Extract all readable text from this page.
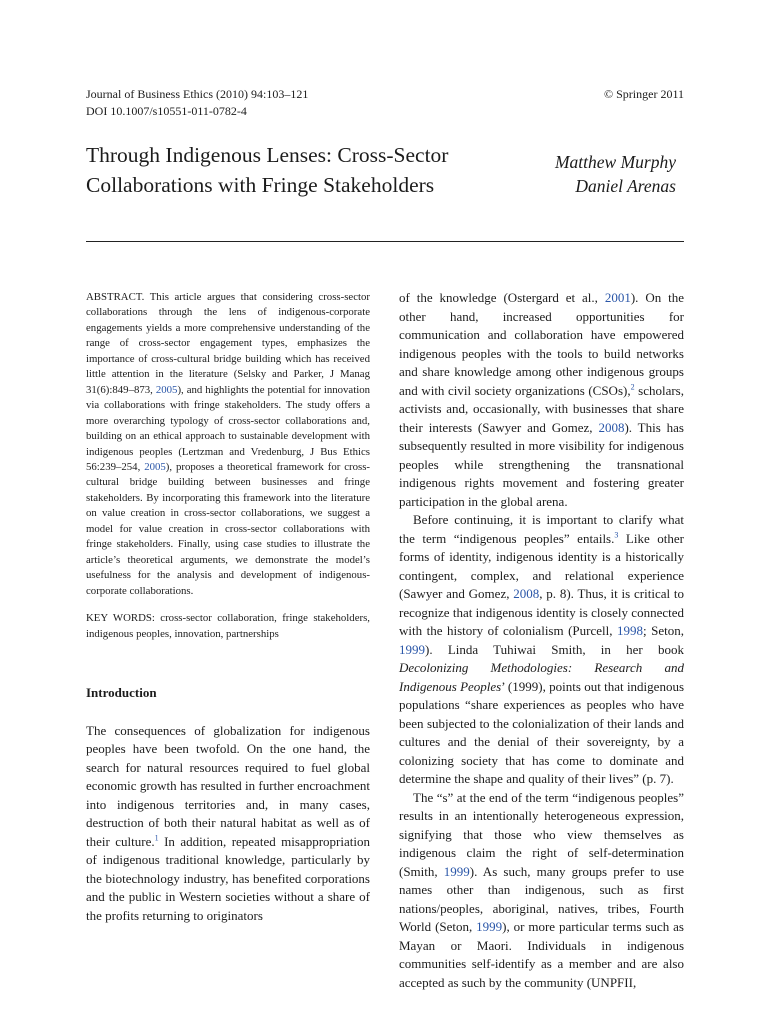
Journal of Business Ethics (2010) 94:103–121
DOI 10.1007/s10551-011-0782-4
© Springer 2011
Through Indigenous Lenses: Cross-Sector
Collaborations with Fringe Stakeholders
Matthew Murphy
Daniel Arenas

ABSTRACT. This article argues that considering cross-sector collaborations through the lens of indigenous-corporate engagements yields a more comprehensive understanding of the range of cross-sector engagement types, emphasizes the importance of cross-cultural bridge building which has received little attention in the literature (Selsky and Parker, J Manag 31(6):849–873, 2005), and highlights the potential for innovation via collaborations with fringe stakeholders. The study offers a more overarching typology of cross-sector collaborations and, building on an ethical approach to sustainable development with indigenous peoples (Lertzman and Vredenburg, J Bus Ethics 56:239–254, 2005), proposes a theoretical framework for cross-cultural bridge building between businesses and fringe stakeholders. By incorporating this framework into the literature on value creation in cross-sector collaborations, we suggest a model for value creation in cross-sector collaborations with fringe stakeholders. Finally, using case studies to illustrate the article’s theoretical arguments, we demonstrate the model’s usefulness for the analysis and development of indigenous-corporate collaborations.

KEY WORDS: cross-sector collaboration, fringe stakeholders, indigenous peoples, innovation, partnerships

Introduction

The consequences of globalization for indigenous peoples have been twofold. On the one hand, the search for natural resources required to fuel global economic growth has resulted in further encroachment into indigenous territories and, in many cases, destruction of both their natural habitat as well as of their culture.$^1$ In addition, repeated misappropriation of indigenous traditional knowledge, particularly by the biotechnology industry, has benefited corporations and the public in Western societies without a share of the profits returning to originators

of the knowledge (Ostergard et al., 2001). On the other hand, increased opportunities for communication and collaboration have empowered indigenous peoples with the tools to build networks and share knowledge among other indigenous groups and with civil society organizations (CSOs),$^2$ scholars, activists and, occasionally, with businesses that share their interests (Sawyer and Gomez, 2008). This has subsequently resulted in more visibility for indigenous peoples while strengthening the transnational indigenous rights movement and fostering greater participation in the global arena.

Before continuing, it is important to clarify what the term “indigenous peoples” entails.$^3$ Like other forms of identity, indigenous identity is a historically contingent, complex, and relational experience (Sawyer and Gomez, 2008, p. 8). Thus, it is critical to recognize that indigenous identity is closely connected with the history of colonialism (Purcell, 1998; Seton, 1999). Linda Tuhiwai Smith, in her book Decolonizing Methodologies: Research and Indigenous Peoples’ (1999), points out that indigenous populations “share experiences as peoples who have been subjected to the colonialization of their lands and cultures and the denial of their sovereignty, by a colonizing society that has come to dominate and determine the shape and quality of their lives” (p. 7).

The “s” at the end of the term “indigenous peoples” results in an intentionally heterogeneous expression, signifying that those who view themselves as indigenous claim the right of self-determination (Smith, 1999). As such, many groups prefer to use names other than indigenous, such as first nations/peoples, aboriginal, natives, tribes, Fourth World (Seton, 1999), or more particular terms such as Mayan or Maori. Individuals in indigenous communities self-identify as a member and are also accepted as such by the community (UNPFII,
